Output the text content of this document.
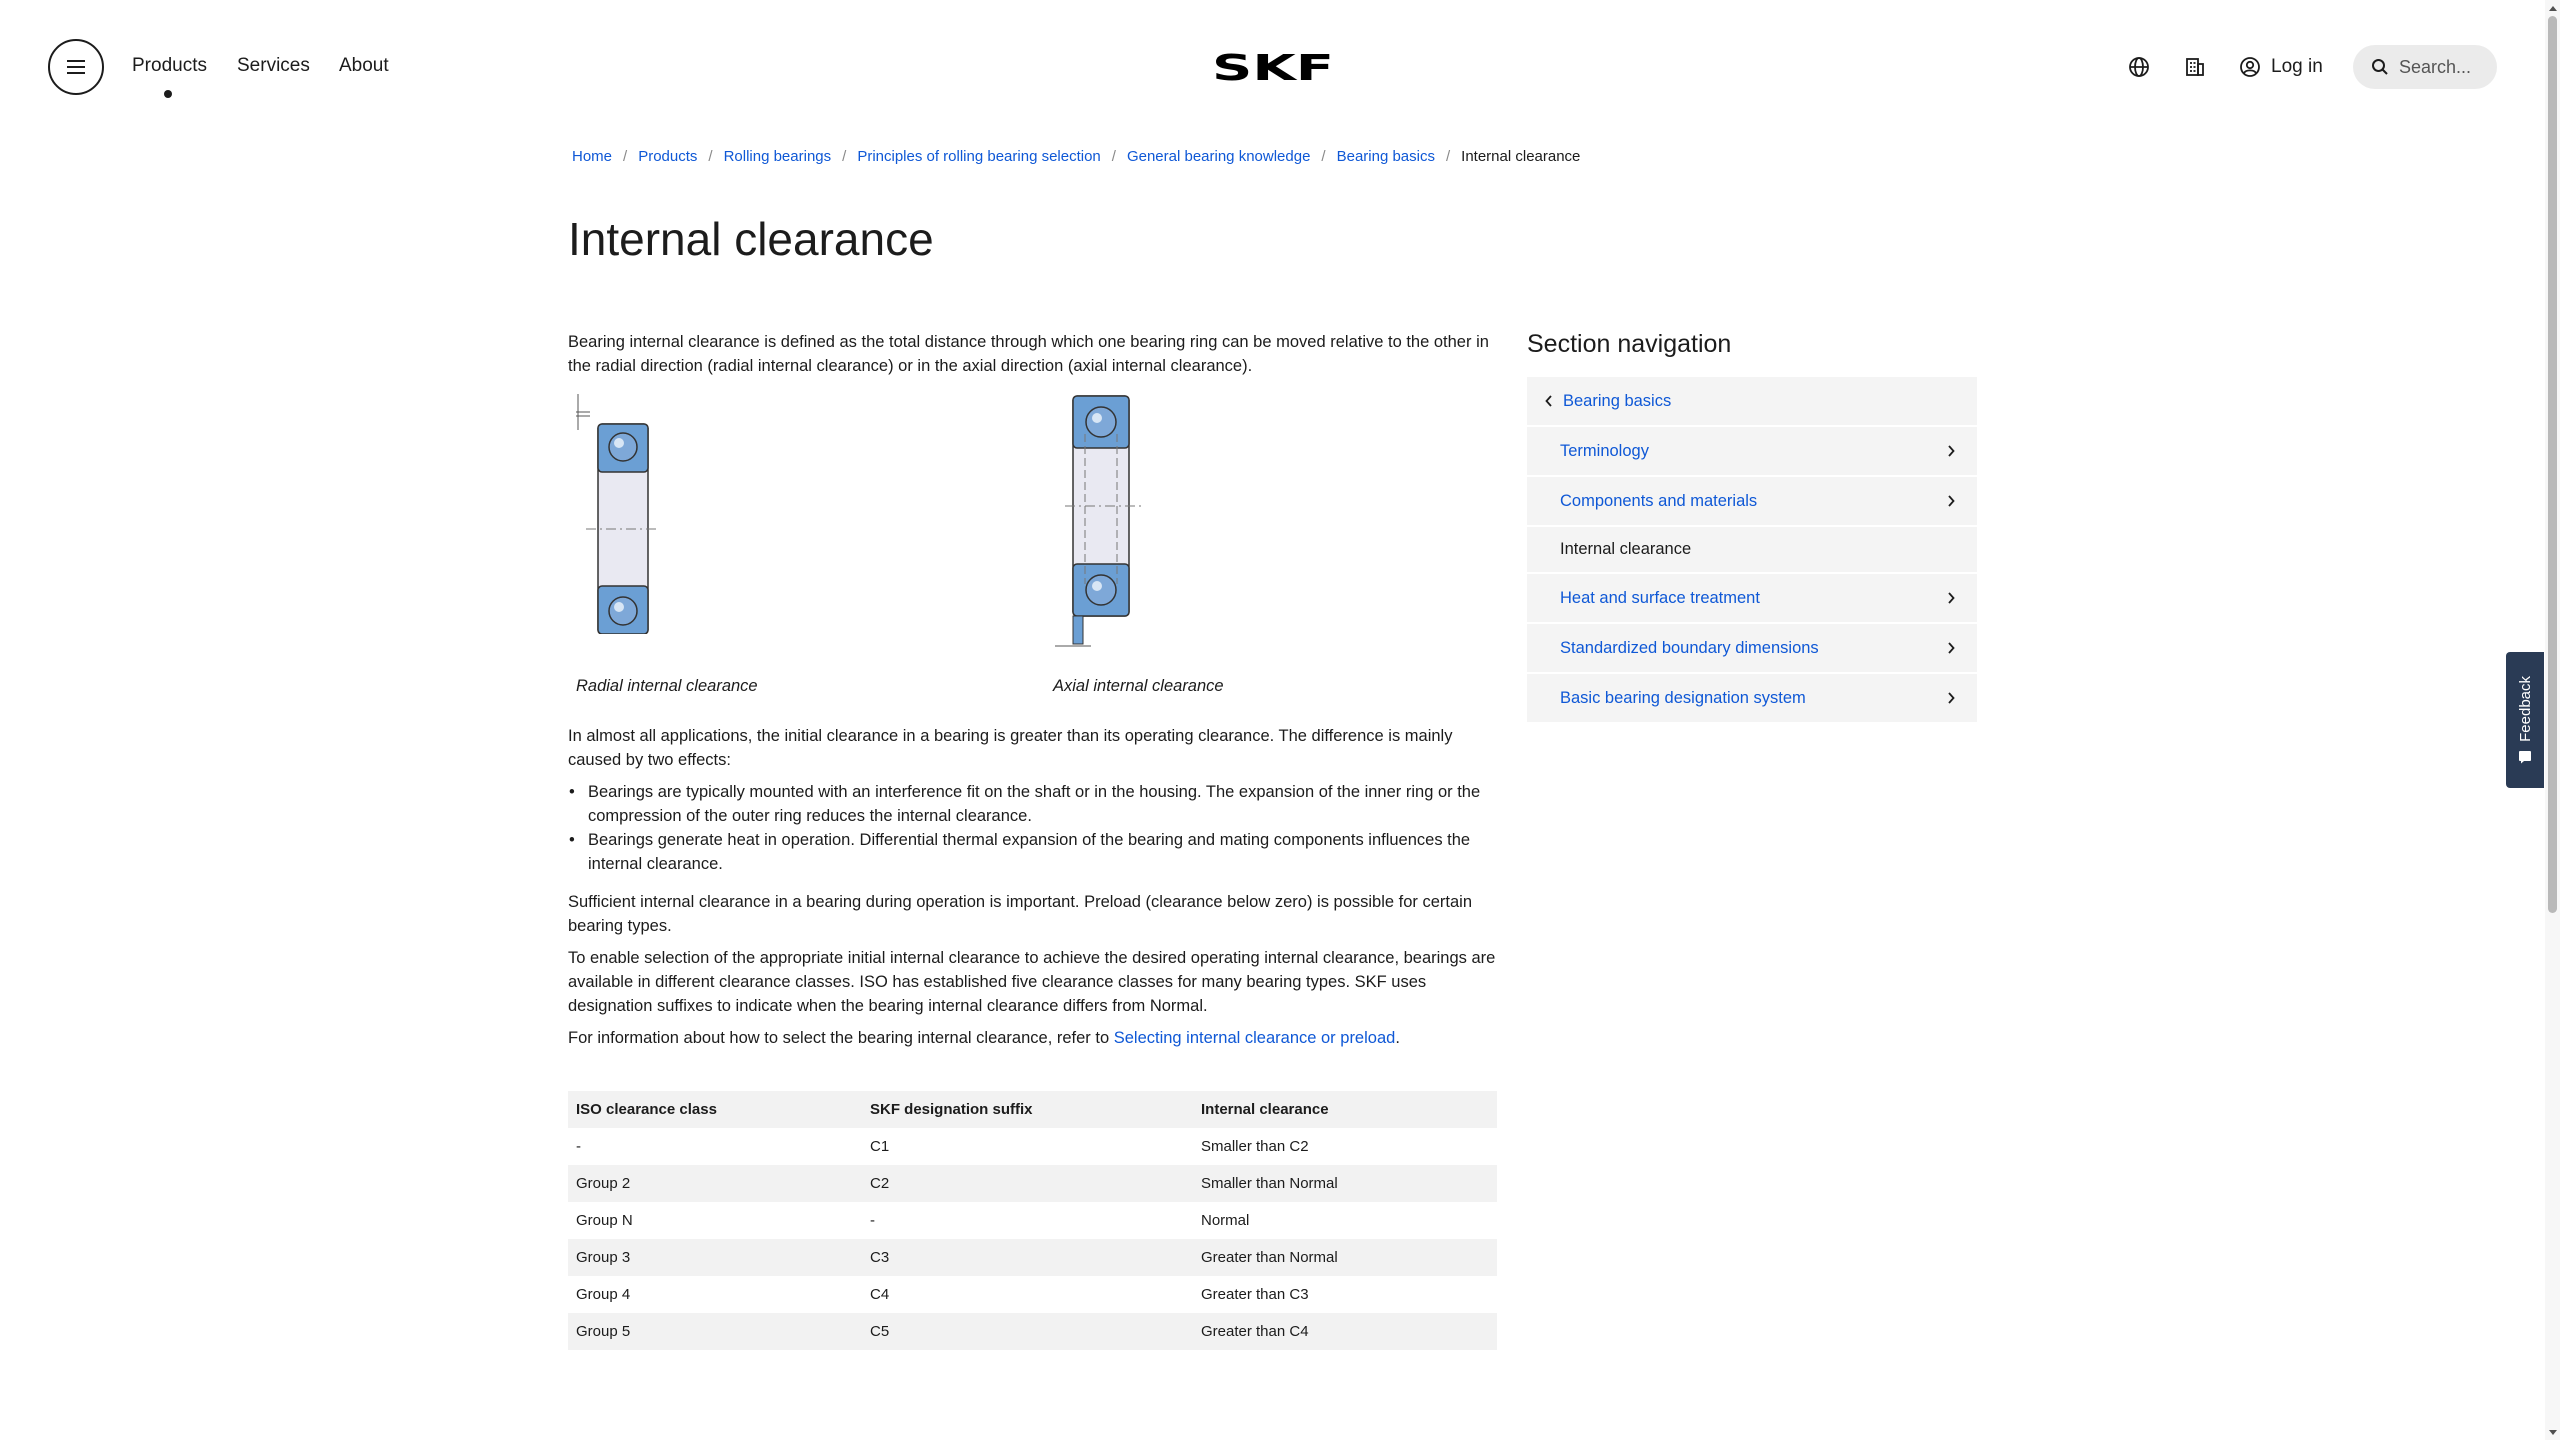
Products Services About	SKF	Log in
Search...
Home / Products / Rolling bearings / Principles of rolling bearing selection / General bearing knowledge / Bearing basics / Internal clearance
Internal clearance

Bearing internal clearance is defined as the total distance through which one bearing ring can be moved relative to the other in the radial direction (radial internal clearance) or in the axial direction (axial internal clearance).

Radial internal clearance	Axial internal clearance

In almost all applications, the initial clearance in a bearing is greater than its operating clearance. The difference is mainly caused by two effects:

• Bearings are typically mounted with an interference fit on the shaft or in the housing. The expansion of the inner ring or the compression of the outer ring reduces the internal clearance.
• Bearings generate heat in operation. Differential thermal expansion of the bearing and mating components influences the internal clearance.

Sufficient internal clearance in a bearing during operation is important. Preload (clearance below zero) is possible for certain bearing types.

To enable selection of the appropriate initial internal clearance to achieve the desired operating internal clearance, bearings are available in different clearance classes. ISO has established five clearance classes for many bearing types. SKF uses designation suffixes to indicate when the bearing internal clearance differs from Normal.

For information about how to select the bearing internal clearance, refer to Selecting internal clearance or preload.

ISO clearance class	SKF designation suffix	Internal clearance
-	C1	Smaller than C2
Group 2	C2	Smaller than Normal
Group N	-	Normal
Group 3	C3	Greater than Normal
Group 4	C4	Greater than C3
Group 5	C5	Greater than C4
Section navigation
Bearing basics
Terminology
Components and materials
Internal clearance
Heat and surface treatment
Standardized boundary dimensions
Basic bearing designation system	Feedback
